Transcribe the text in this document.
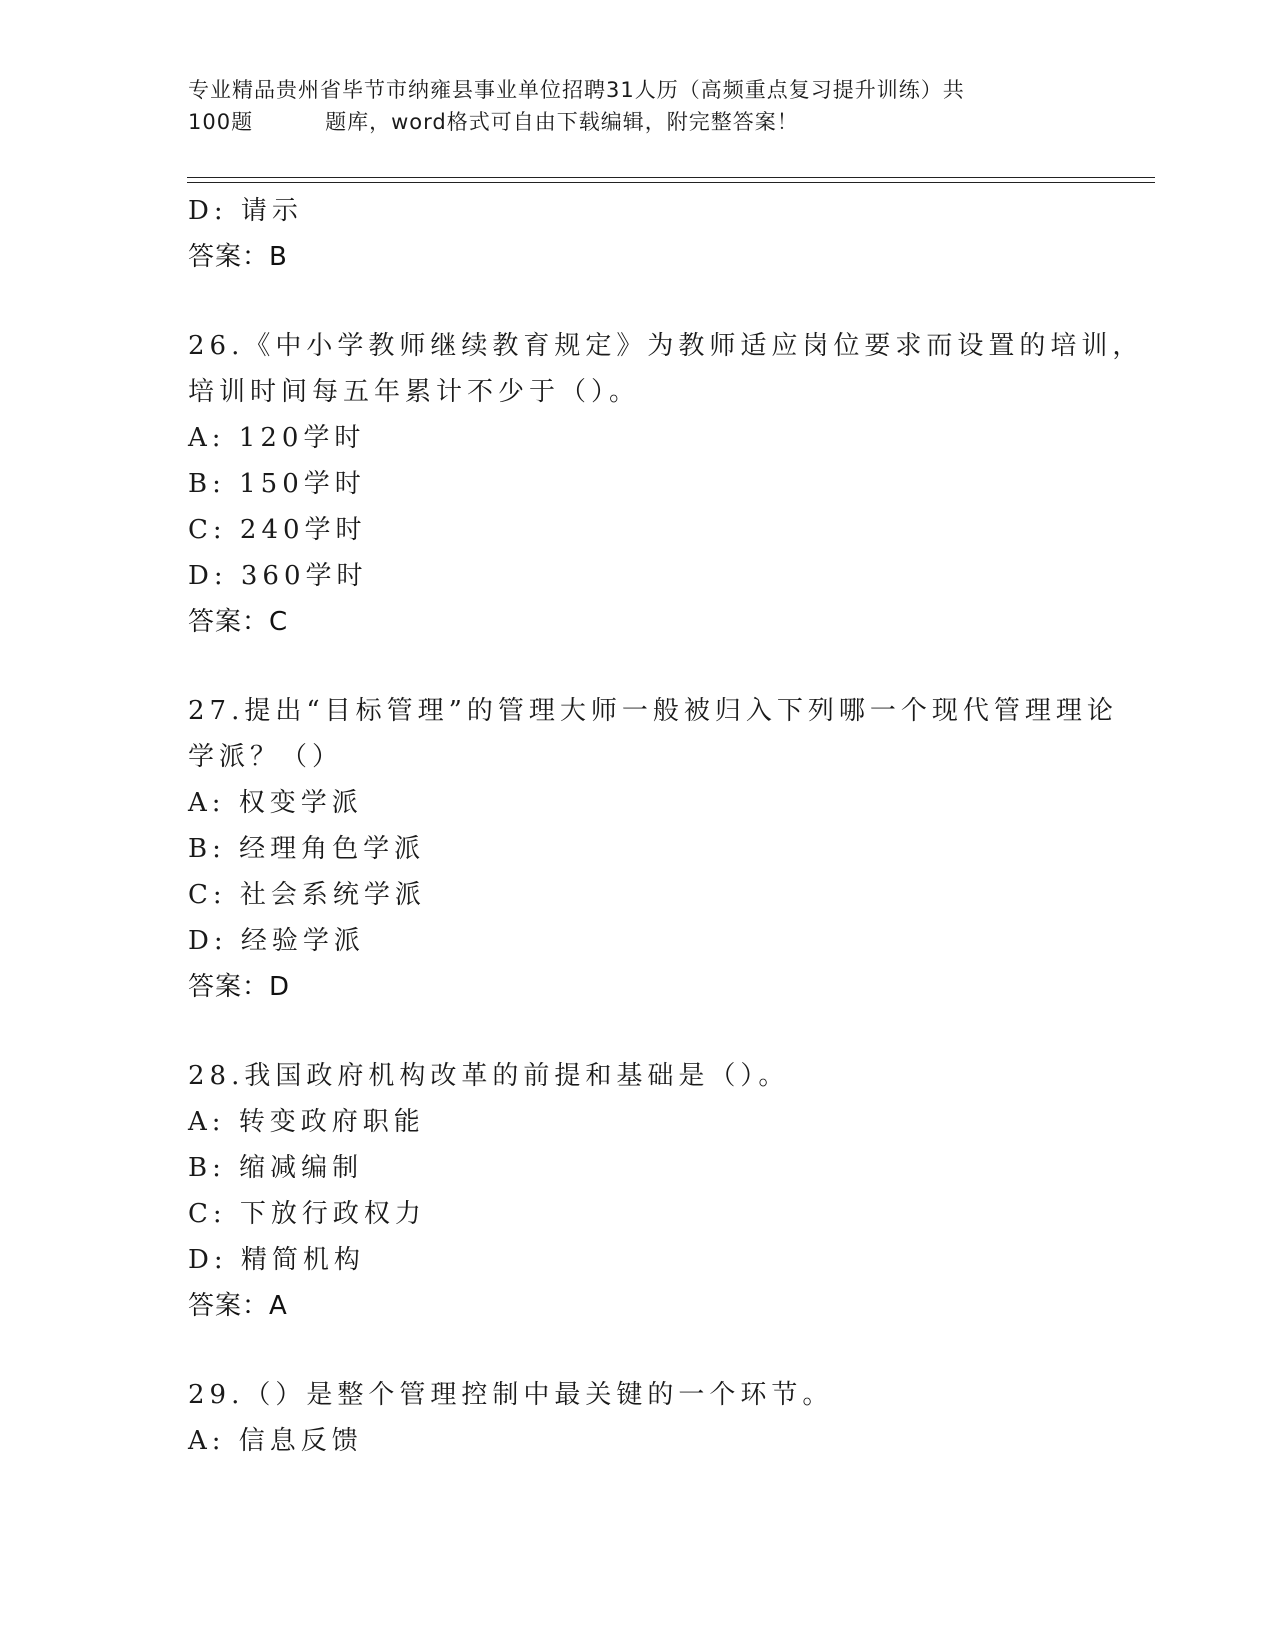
专业精品贵州省毕节市纳雍县事业单位招聘31人历（高频重点复习提升训练）共
100题	题库，word格式可自由下载编辑，附完整答案！
D: 请示
答案：B
26.《中小学教师继续教育规定》为教师适应岗位要求而设置的培训，
培训时间每五年累计不少于（）。
A: 120学时
B: 150学时
C: 240学时
D: 360学时
答案：C
27.提出“目标管理”的管理大师一般被归入下列哪一个现代管理理论
学派？（）
A: 权变学派
B: 经理角色学派
C: 社会系统学派
D: 经验学派
答案：D
28.我国政府机构改革的前提和基础是（）。
A: 转变政府职能
B: 缩减编制
C: 下放行政权力
D: 精简机构
答案：A
29.（）是整个管理控制中最关键的一个环节。
A: 信息反馈
